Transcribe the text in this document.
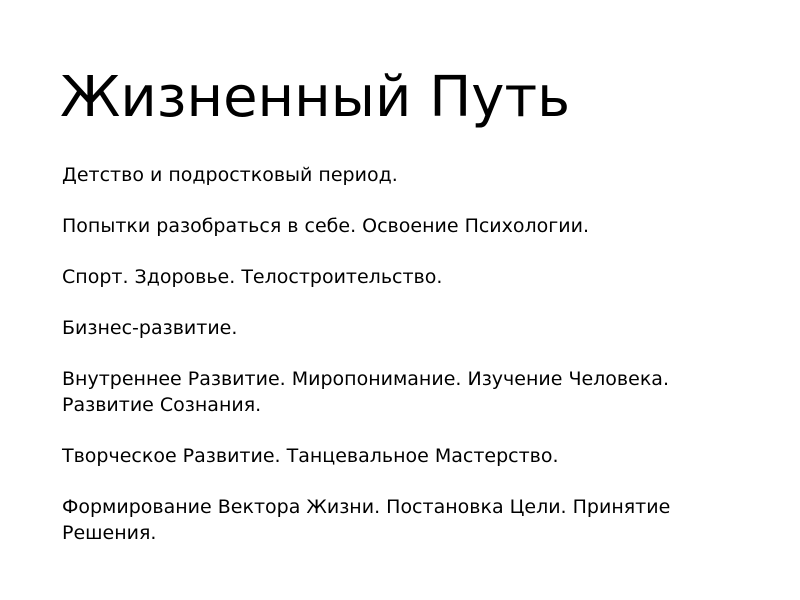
Жизненный Путь
Детство и подростковый период.
Попытки разобраться в себе. Освоение Психологии.
Спорт. Здоровье. Телостроительство.
Бизнес-развитие.
Внутреннее Развитие. Миропонимание. Изучение Человека. Развитие Сознания.
Творческое Развитие. Танцевальное Мастерство.
Формирование Вектора Жизни. Постановка Цели. Принятие Решения.
